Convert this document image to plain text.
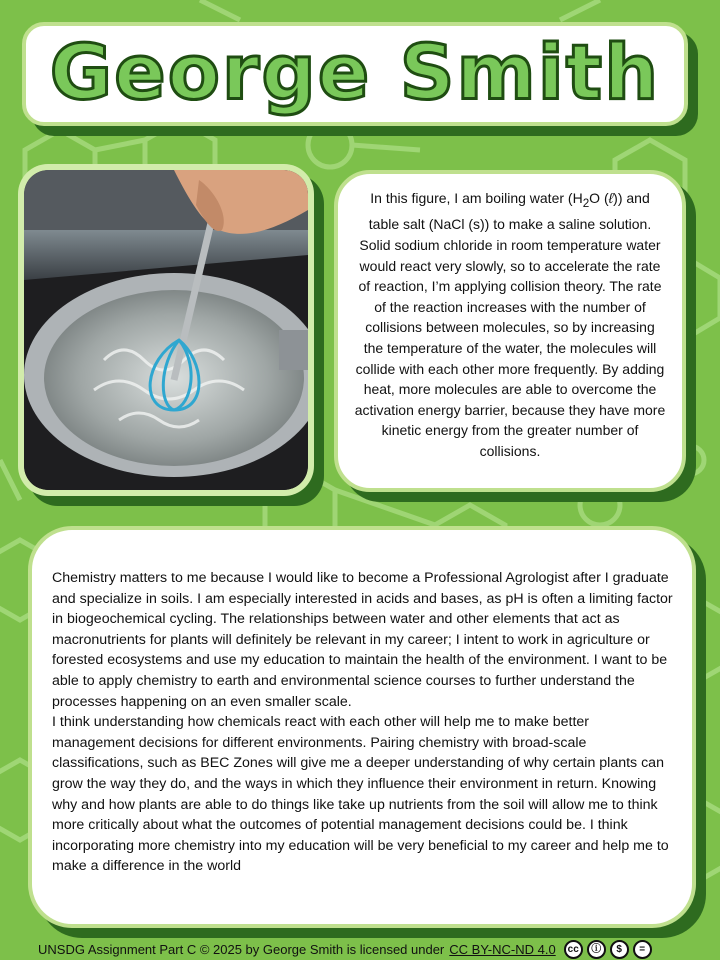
George Smith

In this figure, I am boiling water ($H_2O$ (ℓ)) and table salt (NaCl (s)) to make a saline solution. Solid sodium chloride in room temperature water would react very slowly, so to accelerate the rate of reaction, I’m applying collision theory. The rate of the reaction increases with the number of collisions between molecules, so by increasing the temperature of the water, the molecules will collide with each other more frequently. By adding heat, more molecules are able to overcome the activation energy barrier, because they have more kinetic energy from the greater number of collisions.

Chemistry matters to me because I would like to become a Professional Agrologist after I graduate and specialize in soils. I am especially interested in acids and bases, as pH is often a limiting factor in biogeochemical cycling. The relationships between water and other elements that act as macronutrients for plants will definitely be relevant in my career; I intent to work in agriculture or forested ecosystems and use my education to maintain the health of the environment. I want to be able to apply chemistry to earth and environmental science courses to further understand the processes happening on an even smaller scale.

I think understanding how chemicals react with each other will help me to make better management decisions for different environments. Pairing chemistry with broad-scale classifications, such as BEC Zones will give me a deeper understanding of why certain plants can grow the way they do, and the ways in which they influence their environment in return. Knowing why and how plants are able to do things like take up nutrients from the soil will allow me to think more critically about what the outcomes of potential management decisions could be. I think incorporating more chemistry into my education will be very beneficial to my career and help me to make a difference in the world

UNSDG Assignment Part C © 2025 by George Smith is licensed under CC BY-NC-ND 4.0	cc	ⓘ	$	=
